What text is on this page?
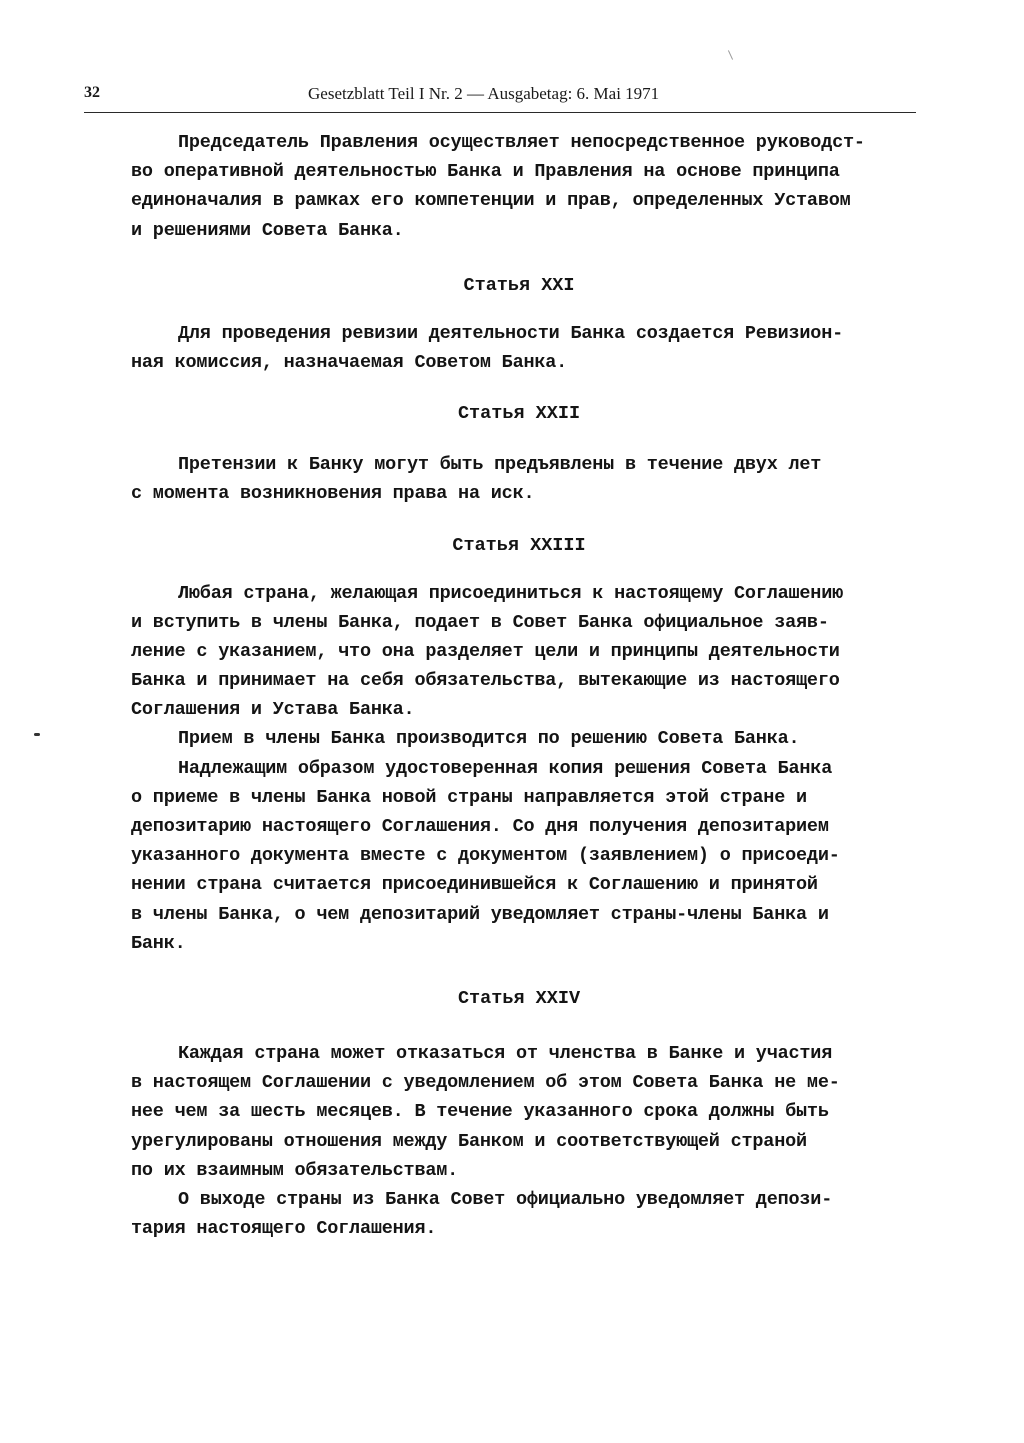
32	Gesetzblatt Teil I Nr. 2 — Ausgabetag: 6. Mai 1971
Председатель Правления осуществляет непосредственное руководст-
во оперативной деятельностью Банка и Правления на основе принципа
единоначалия в рамках его компетенции и прав, определенных Уставом
и решениями Совета Банка.
Статья XXI
Для проведения ревизии деятельности Банка создается Ревизион-
ная комиссия, назначаемая Советом Банка.
Статья XXII
Претензии к Банку могут быть предъявлены в течение двух лет
с момента возникновения права на иск.
Статья XXIII
Любая страна, желающая присоединиться к настоящему Соглашению
и вступить в члены Банка, подает в Совет Банка официальное заяв-
ление с указанием, что она разделяет цели и принципы деятельности
Банка и принимает на себя обязательства, вытекающие из настоящего
Соглашения и Устава Банка.
Прием в члены Банка производится по решению Совета Банка.
Надлежащим образом удостоверенная копия решения Совета Банка
о приеме в члены Банка новой страны направляется этой стране и
депозитарию настоящего Соглашения. Со дня получения депозитарием
указанного документа вместе с документом (заявлением) о присоеди-
нении страна считается присоединившейся к Соглашению и принятой
в члены Банка, о чем депозитарий уведомляет страны-члены Банка и
Банк.
Статья XXIV
Каждая страна может отказаться от членства в Банке и участия
в настоящем Соглашении с уведомлением об этом Совета Банка не ме-
нее чем за шесть месяцев. В течение указанного срока должны быть
урегулированы отношения между Банком и соответствующей страной
по их взаимным обязательствам.
О выходе страны из Банка Совет официально уведомляет депози-
тария настоящего Соглашения.
